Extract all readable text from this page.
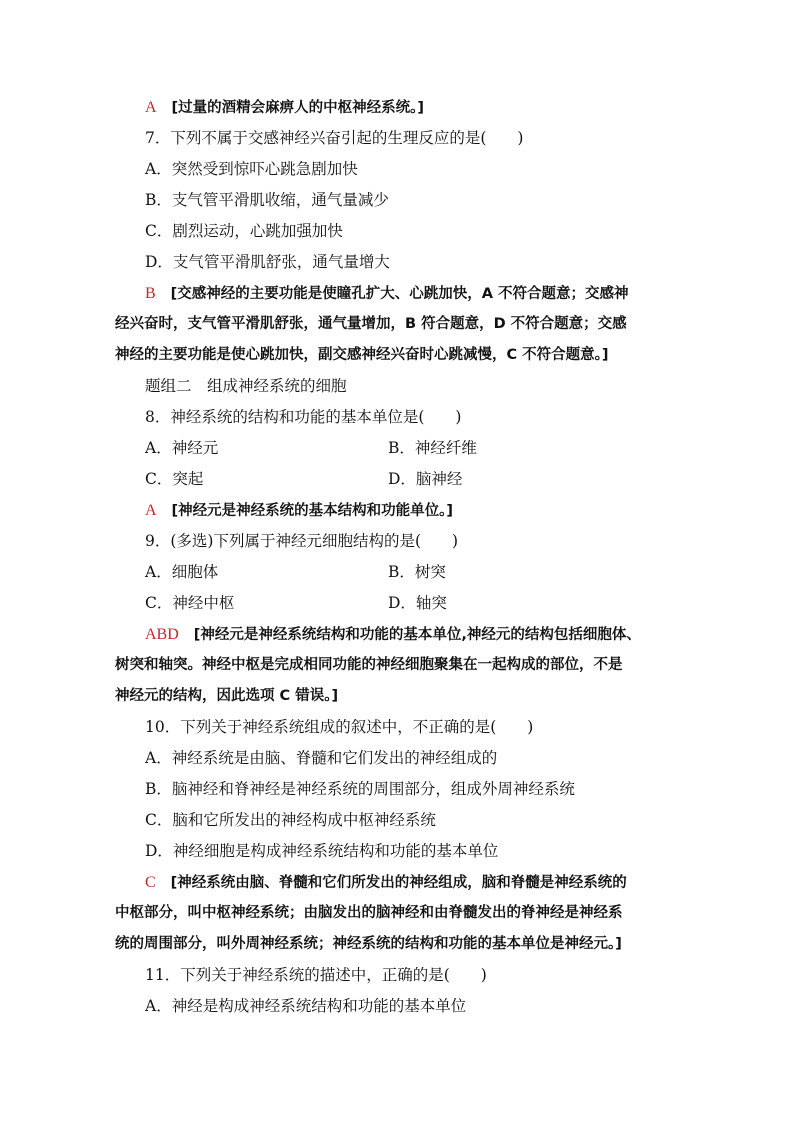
A [过量的酒精会麻痹人的中枢神经系统。]
7．下列不属于交感神经兴奋引起的生理反应的是(　　)
A．突然受到惊吓心跳急剧加快
B．支气管平滑肌收缩，通气量减少
C．剧烈运动，心跳加强加快
D．支气管平滑肌舒张，通气量增大
B [交感神经的主要功能是使瞳孔扩大、心跳加快，A 不符合题意；交感神
经兴奋时，支气管平滑肌舒张，通气量增加，B 符合题意，D 不符合题意；交感
神经的主要功能是使心跳加快，副交感神经兴奋时心跳减慢，C 不符合题意。]
题组二　组成神经系统的细胞
8．神经系统的结构和功能的基本单位是(　　)
A．神经元	B．神经纤维
C．突起	D．脑神经
A [神经元是神经系统的基本结构和功能单位。]
9．(多选)下列属于神经元细胞结构的是(　　)
A．细胞体	B．树突
C．神经中枢	D．轴突
ABD [神经元是神经系统结构和功能的基本单位,神经元的结构包括细胞体、
树突和轴突。神经中枢是完成相同功能的神经细胞聚集在一起构成的部位，不是
神经元的结构，因此选项 C 错误。]
10．下列关于神经系统组成的叙述中，不正确的是(　　)
A．神经系统是由脑、脊髓和它们发出的神经组成的
B．脑神经和脊神经是神经系统的周围部分，组成外周神经系统
C．脑和它所发出的神经构成中枢神经系统
D．神经细胞是构成神经系统结构和功能的基本单位
C [神经系统由脑、脊髓和它们所发出的神经组成，脑和脊髓是神经系统的
中枢部分，叫中枢神经系统；由脑发出的脑神经和由脊髓发出的脊神经是神经系
统的周围部分，叫外周神经系统；神经系统的结构和功能的基本单位是神经元。]
11．下列关于神经系统的描述中，正确的是(　　)
A．神经是构成神经系统结构和功能的基本单位
